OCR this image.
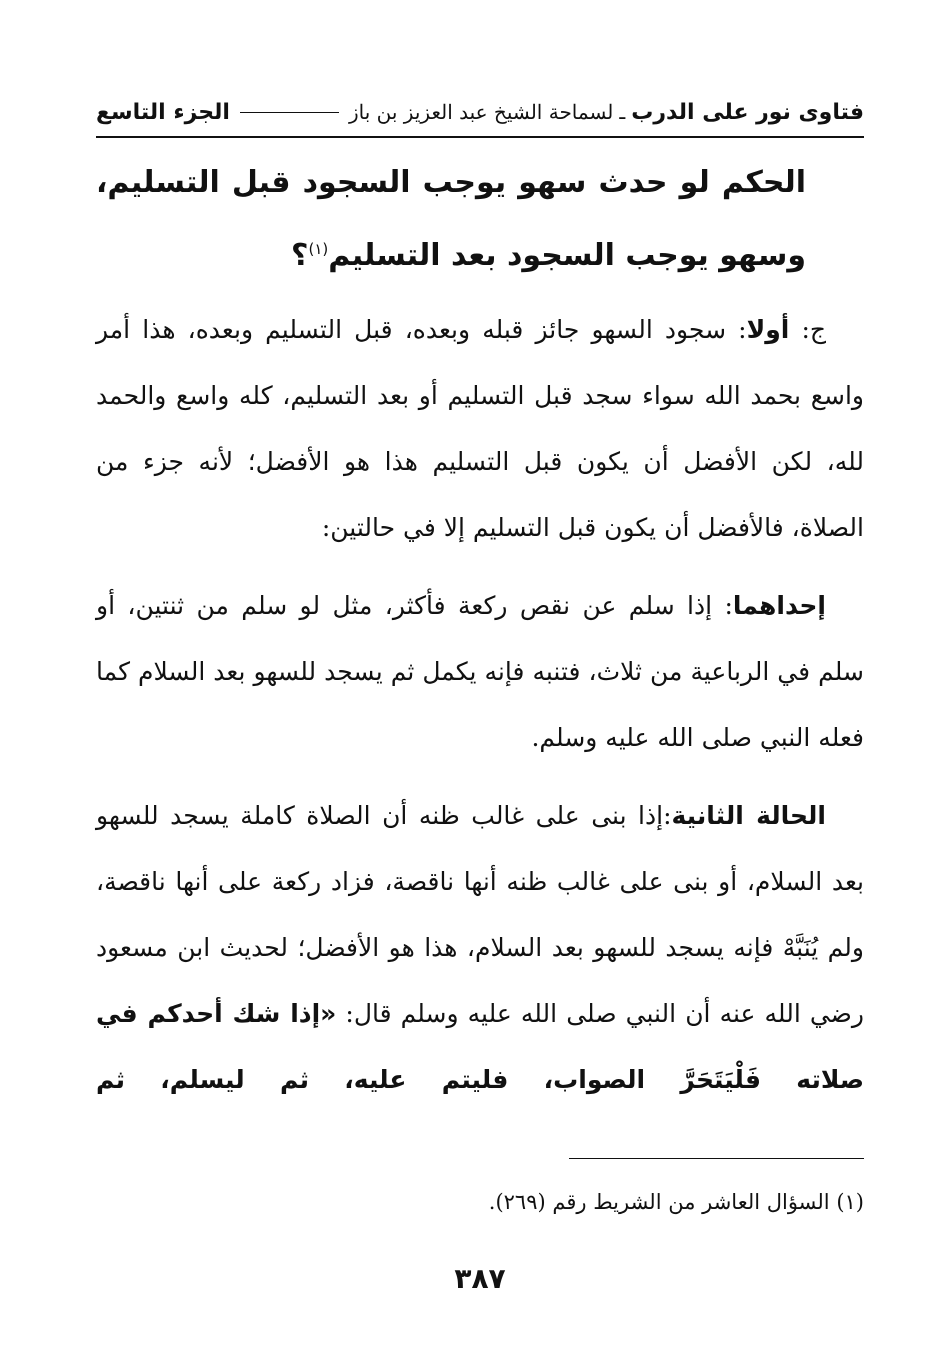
فتاوى نور على الدرب
ـ
لسماحة الشيخ عبد العزيز بن باز
الجزء التاسع
الحكم لو حدث سهو يوجب السجود قبل التسليم، وسهو يوجب السجود بعد التسليم$^{(١)}$؟

ج: أولا: سجود السهو جائز قبله وبعده، قبل التسليم وبعده، هذا أمر واسع بحمد الله سواء سجد قبل التسليم أو بعد التسليم، كله واسع والحمد لله، لكن الأفضل أن يكون قبل التسليم هذا هو الأفضل؛ لأنه جزء من الصلاة، فالأفضل أن يكون قبل التسليم إلا في حالتين:

إحداهما: إذا سلم عن نقص ركعة فأكثر، مثل لو سلم من ثنتين، أو سلم في الرباعية من ثلاث، فتنبه فإنه يكمل ثم يسجد للسهو بعد السلام كما فعله النبي صلى الله عليه وسلم.

الحالة الثانية:إذا بنى على غالب ظنه أن الصلاة كاملة يسجد للسهو بعد السلام، أو بنى على غالب ظنه أنها ناقصة، فزاد ركعة على أنها ناقصة، ولم يُنَبَّهْ فإنه يسجد للسهو بعد السلام، هذا هو الأفضل؛ لحديث ابن مسعود رضي الله عنه أن النبي صلى الله عليه وسلم قال: «إذا شك أحدكم في صلاته فَلْيَتَحَرَّ الصواب، فليتم عليه، ثم ليسلم، ثم

(١) السؤال العاشر من الشريط رقم (٢٦٩).
٣٨٧
